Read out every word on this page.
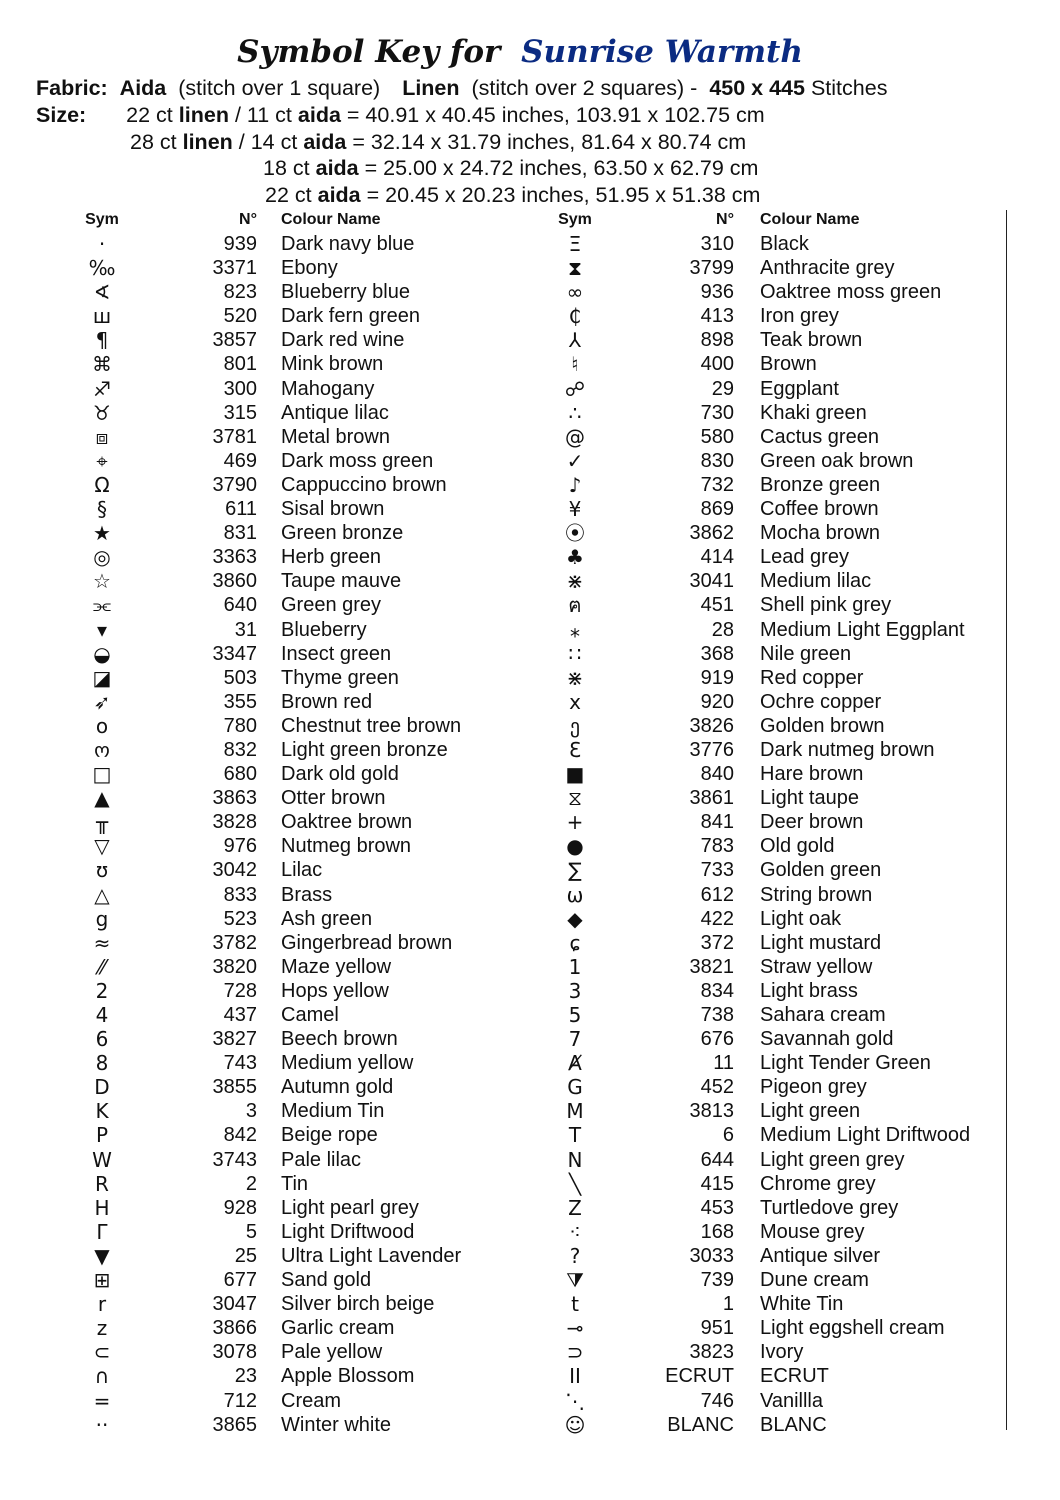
Symbol Key for Sunrise Warmth
Fabric: Aida (stitch over 1 square) Linen (stitch over 2 squares) - 450 x 445 Stitches
Size: 22 ct linen / 11 ct aida = 40.91 x 40.45 inches, 103.91 x 102.75 cm
28 ct linen / 14 ct aida = 32.14 x 31.79 inches, 81.64 x 80.74 cm
18 ct aida = 25.00 x 24.72 inches, 63.50 x 62.79 cm
22 ct aida = 20.45 x 20.23 inches, 51.95 x 51.38 cm
Sym	N° Colour Name	Sym	N° Colour Name
·	939 Dark navy blue	Ξ	310 Black
‰	3371 Ebony	⧗	3799 Anthracite grey
∢	823 Blueberry blue	∞	936 Oaktree moss green
ш	520 Dark fern green	₵	413 Iron grey
¶	3857 Dark red wine	⅄	898 Teak brown
⌘	801 Mink brown	♮	400 Brown
♐	300 Mahogany	☍	29 Eggplant
♉	315 Antique lilac	∴	730 Khaki green
⧈	3781 Metal brown	@	580 Cactus green
⌖	469 Dark moss green	✓	830 Green oak brown
Ω	3790 Cappuccino brown	♪	732 Bronze green
§	611 Sisal brown	¥	869 Coffee brown
★	831 Green bronze	⦿	3862 Mocha brown
◎	3363 Herb green	♣	414 Lead grey
☆	3860 Taupe mauve	⋇	3041 Medium lilac
⫘	640 Green grey	ฅ	451 Shell pink grey
▾	31 Blueberry	⁎	28 Medium Light Eggplant
◒	3347 Insect green	∷	368 Nile green
◪	503 Thyme green	⋇	919 Red copper
➶	355 Brown red	x	920 Ochre copper
o	780 Chestnut tree brown	ე	3826 Golden brown
ო	832 Light green bronze	Ɛ	3776 Dark nutmeg brown
□	680 Dark old gold	■	840 Hare brown
▲	3863 Otter brown	⧖	3861 Light taupe
╥	3828 Oaktree brown	+	841 Deer brown
▽	976 Nutmeg brown	●	783 Old gold
ʊ	3042 Lilac	∑	733 Golden green
△	833 Brass	ω	612 String brown
g	523 Ash green	◆	422 Light oak
≈	3782 Gingerbread brown	ɕ	372 Light mustard
⁄⁄	3820 Maze yellow	1	3821 Straw yellow
2	728 Hops yellow	3	834 Light brass
4	437 Camel	5	738 Sahara cream
6	3827 Beech brown	7	676 Savannah gold
8	743 Medium yellow	Ⱥ	11 Light Tender Green
D	3855 Autumn gold	G	452 Pigeon grey
K	3 Medium Tin	M	3813 Light green
P	842 Beige rope	T	6 Medium Light Driftwood
W	3743 Pale lilac	N	644 Light green grey
R	2 Tin	╲	415 Chrome grey
H	928 Light pearl grey	Z	453 Turtledove grey
Γ	5 Light Driftwood	⁖	168 Mouse grey
▼	25 Ultra Light Lavender	?	3033 Antique silver
⊞	677 Sand gold	⧩	739 Dune cream
r	3047 Silver birch beige	t	1 White Tin
z	3866 Garlic cream	⊸	951 Light eggshell cream
⊂	3078 Pale yellow	⊃	3823 Ivory
∩	23 Apple Blossom	II	ECRUT ECRUT
=	712 Cream	⋱	746 Vanillla
··	3865 Winter white	☺	BLANC BLANC
